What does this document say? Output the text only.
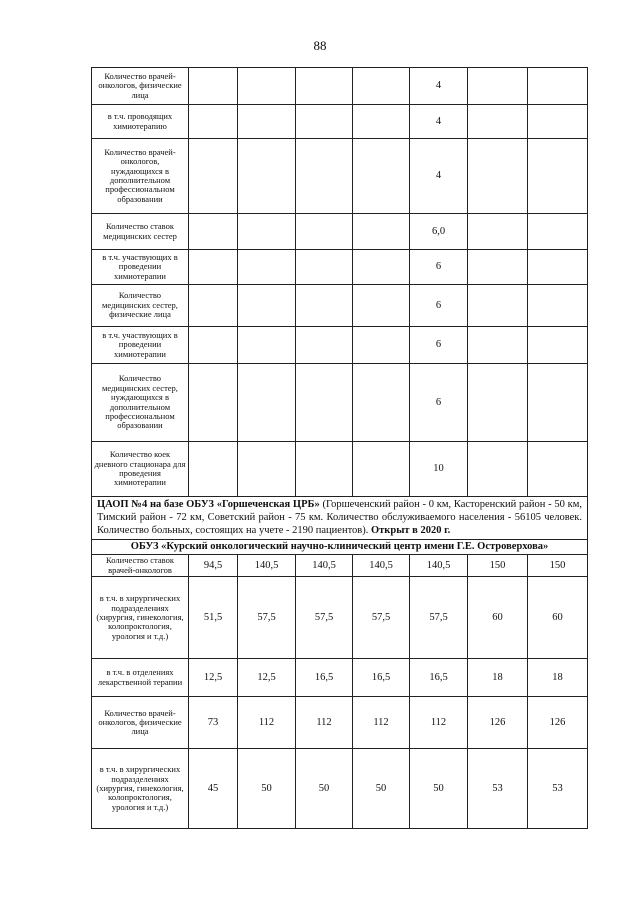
88
Количество врачей-онкологов, физические лица					4		
в т.ч. проводящих химиотерапию					4		
Количество врачей-онкологов, нуждающихся в дополнительном профессиональном образовании					4		
Количество ставок медицинских сестер					6,0		
в т.ч. участвующих в проведении химиотерапии					6		
Количество медицинских сестер, физические лица					6		
в т.ч. участвующих в проведении химиотерапии					6		
Количество медицинских сестер, нуждающихся в дополнительном профессиональном образовании					6		
Количество коек дневного стационара для проведения химиотерапии					10		
ЦАОП №4 на базе ОБУЗ «Горшеченская ЦРБ» (Горшеченский район - 0 км, Касторенский район - 50 км, Тимский район - 72 км, Советский район - 75 км. Количество обслуживаемого населения - 56105 человек. Количество больных, состоящих на учете - 2190 пациентов). Открыт в 2020 г.							
ОБУЗ «Курский онкологический научно-клинический центр имени Г.Е. Островерхова»							
Количество ставок врачей-онкологов	94,5	140,5	140,5	140,5	140,5	150	150
в т.ч. в хирургических подразделениях (хирургия, гинекология, колопроктология, урология и т.д.)	51,5	57,5	57,5	57,5	57,5	60	60
в т.ч. в отделениях лекарственной терапии	12,5	12,5	16,5	16,5	16,5	18	18
Количество врачей-онкологов, физические лица	73	112	112	112	112	126	126
в т.ч. в хирургических подразделениях (хирургия, гинекология, колопроктология, урология и т.д.)	45	50	50	50	50	53	53
